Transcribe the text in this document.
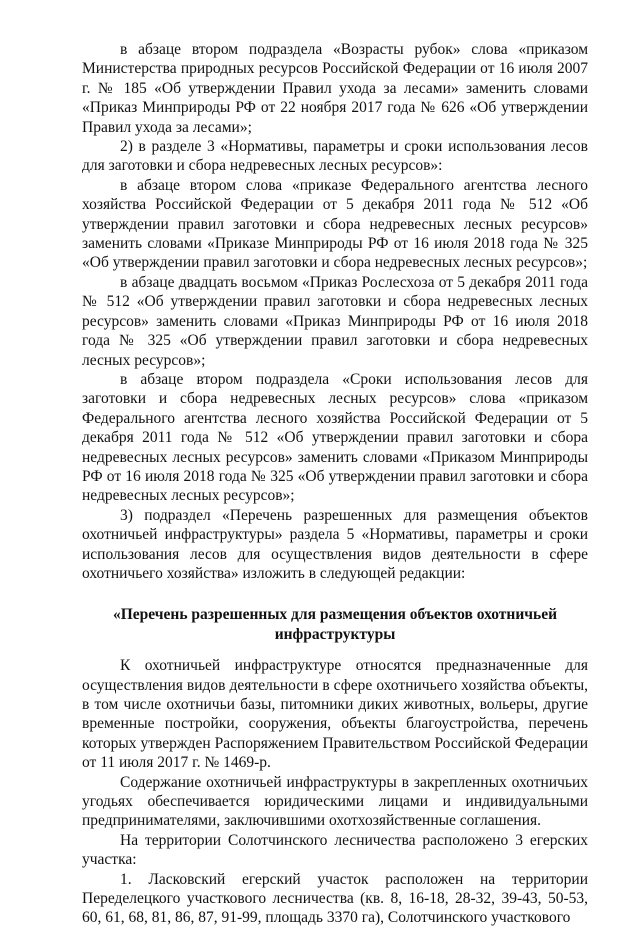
в абзаце втором подраздела «Возрасты рубок» слова «приказом Министерства природных ресурсов Российской Федерации от 16 июля 2007 г. № 185 «Об утверждении Правил ухода за лесами» заменить словами «Приказ Минприроды РФ от 22 ноября 2017 года № 626 «Об утверждении Правил ухода за лесами»;

2) в разделе 3 «Нормативы, параметры и сроки использования лесов для заготовки и сбора недревесных лесных ресурсов»:

в абзаце втором слова «приказе Федерального агентства лесного хозяйства Российской Федерации от 5 декабря 2011 года № 512 «Об утверждении правил заготовки и сбора недревесных лесных ресурсов» заменить словами «Приказе Минприроды РФ от 16 июля 2018 года № 325 «Об утверждении правил заготовки и сбора недревесных лесных ресурсов»;

в абзаце двадцать восьмом «Приказ Рослесхоза от 5 декабря 2011 года № 512 «Об утверждении правил заготовки и сбора недревесных лесных ресурсов» заменить словами «Приказ Минприроды РФ от 16 июля 2018 года № 325 «Об утверждении правил заготовки и сбора недревесных лесных ресурсов»;

в абзаце втором подраздела «Сроки использования лесов для заготовки и сбора недревесных лесных ресурсов» слова «приказом Федерального агентства лесного хозяйства Российской Федерации от 5 декабря 2011 года № 512 «Об утверждении правил заготовки и сбора недревесных лесных ресурсов» заменить словами «Приказом Минприроды РФ от 16 июля 2018 года № 325 «Об утверждении правил заготовки и сбора недревесных лесных ресурсов»;

3) подраздел «Перечень разрешенных для размещения объектов охотничьей инфраструктуры» раздела 5 «Нормативы, параметры и сроки использования лесов для осуществления видов деятельности в сфере охотничьего хозяйства» изложить в следующей редакции:

«Перечень разрешенных для размещения объектов охотничьей инфраструктуры

К охотничьей инфраструктуре относятся предназначенные для осуществления видов деятельности в сфере охотничьего хозяйства объекты, в том числе охотничьи базы, питомники диких животных, вольеры, другие временные постройки, сооружения, объекты благоустройства, перечень которых утвержден Распоряжением Правительством Российской Федерации от 11 июля 2017 г. № 1469-р.

Содержание охотничьей инфраструктуры в закрепленных охотничьих угодьях обеспечивается юридическими лицами и индивидуальными предпринимателями, заключившими охотхозяйственные соглашения.

На территории Солотчинского лесничества расположено 3 егерских участка:

1. Ласковский егерский участок расположен на территории Переделецкого участкового лесничества (кв. 8, 16-18, 28-32, 39-43, 50-53, 60, 61, 68, 81, 86, 87, 91-99, площадь 3370 га), Солотчинского участкового
